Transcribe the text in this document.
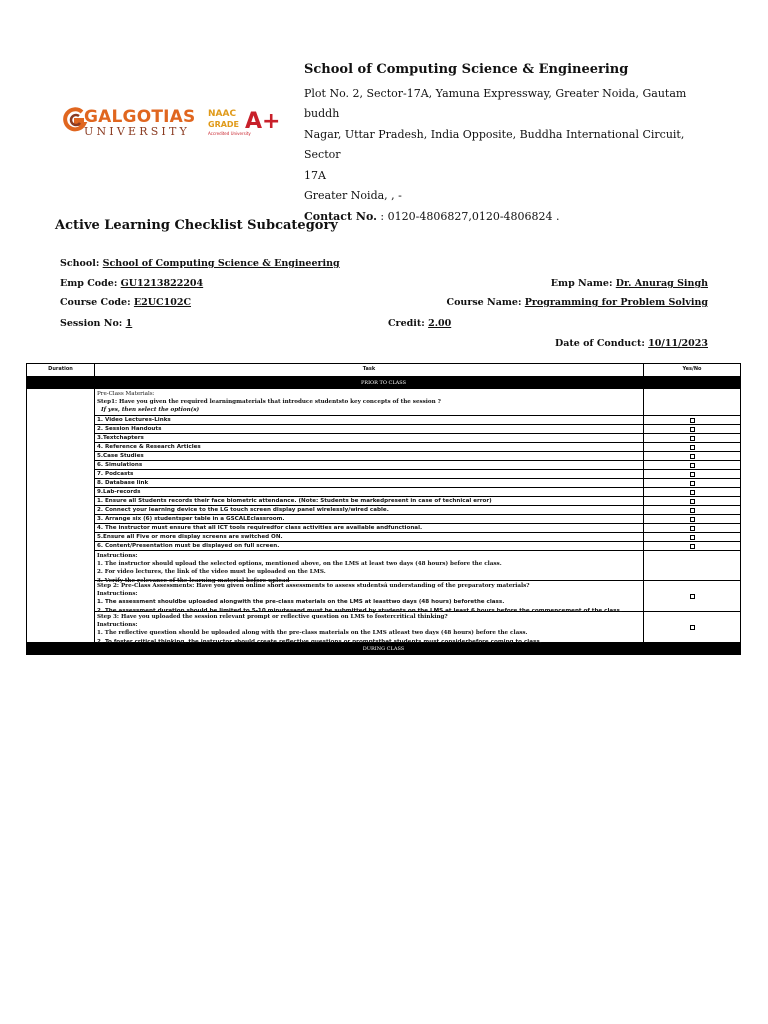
GALGOTIAS
UNIVERSITY
NAAC
GRADE A+
Accredited University
School of Computing Science & Engineering
Plot No. 2, Sector-17A, Yamuna Expressway, Greater Noida, Gautam buddh
Nagar, Uttar Pradesh, India Opposite, Buddha International Circuit, Sector
17A
Greater Noida, , -
Contact No. : 0120-4806827,0120-4806824 .
Active Learning Checklist Subcategory
School: School of Computing Science & Engineering
Emp Code: GU1213822204	Emp Name: Dr. Anurag Singh
Course Code: E2UC102C	Course Name: Programming for Problem Solving
Session No: 1	Credit: 2.00
Date of Conduct: 10/11/2023
Duration	Task	Yes/No
PRIOR TO CLASS
Pre-Class Materials:
Step1: Have you given the required learningmaterials that introduce studentsto key concepts of the session ?
If yes, then select the option(s)
1. Video Lectures-Links
2. Session Handouts
3.Textchapters
4. Reference & Research Articles
5.Case Studies
6. Simulations
7. Podcasts
8. Database link
9.Lab-records
1. Ensure all Students records their face biometric attendance. (Note: Students be markedpresent in case of technical error)
2. Connect your learning device to the LG touch screen display panel wirelessly/wired cable.
3. Arrange six (6) studentsper table in a GSCALEclassroom.
4. The instructor must ensure that all ICT tools requiredfor class activities are available andfunctional.
5.Ensure all Five or more display screens are switched ON.
6. Content/Presentation must be displayed on full screen.
Instructions:
1. The instructor should upload the selected options, mentioned above, on the LMS at least two days (48 hours) before the class.
2. For video lectures, the link of the video must be uploaded on the LMS.
3. Verify the relevance of the learning material before upload
Step 2: Pre-Class Assessments: Have you given online short assessments to assess studentsâ understanding of the preparatory materials?
Instructions:
1. The assessment shouldbe uploaded alongwith the pre-class materials on the LMS at leasttwo days (48 hours) beforethe class.
2. The assessment duration should be limited to 5-10 minutesand must be submitted by students on the LMS at least 6 hours before the commencement of the class.
Step 3: Have you uploaded the session relevant prompt or reflective question on LMS to fostercritical thinking?
Instructions:
1. The reflective question should be uploaded along with the pre-class materials on the LMS atleast two days (48 hours) before the class.
2. To foster critical thinking, the instructor should create reflective questions or promptsthat students must considerbefore coming to class.
DURING CLASS
